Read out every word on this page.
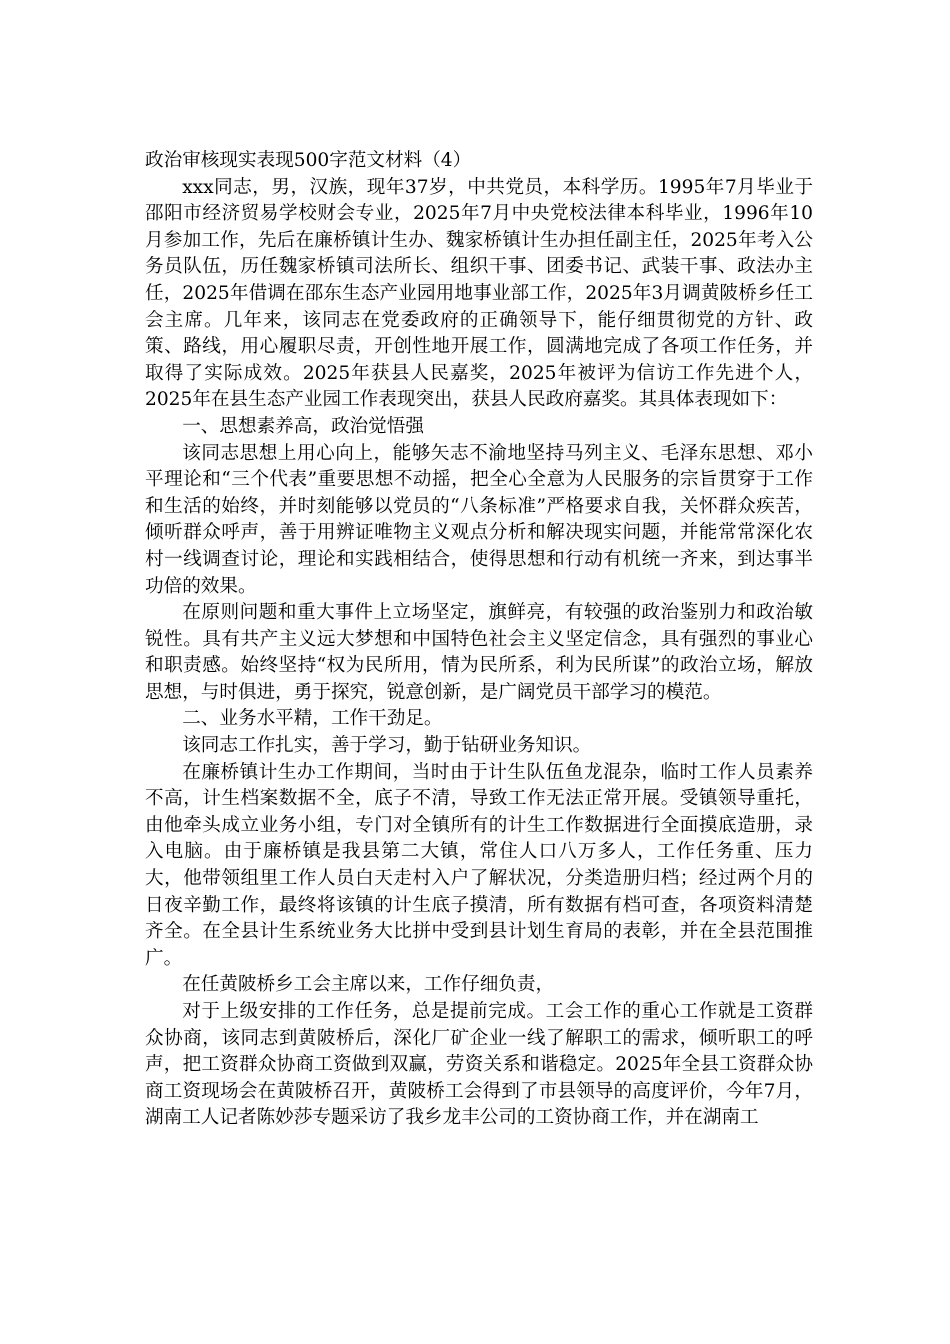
政治审核现实表现500字范文材料（4）

xxx同志，男，汉族，现年37岁，中共党员，本科学历。1995年7月毕业于邵阳市经济贸易学校财会专业，2025年7月中央党校法律本科毕业，1996年10月参加工作，先后在廉桥镇计生办、魏家桥镇计生办担任副主任，2025年考入公务员队伍，历任魏家桥镇司法所长、组织干事、团委书记、武装干事、政法办主任，2025年借调在邵东生态产业园用地事业部工作，2025年3月调黄陂桥乡任工会主席。几年来，该同志在党委政府的正确领导下，能仔细贯彻党的方针、政策、路线，用心履职尽责，开创性地开展工作，圆满地完成了各项工作任务，并取得了实际成效。2025年获县人民嘉奖，2025年被评为信访工作先进个人，2025年在县生态产业园工作表现突出，获县人民政府嘉奖。其具体表现如下：

一、思想素养高，政治觉悟强

该同志思想上用心向上，能够矢志不渝地坚持马列主义、毛泽东思想、邓小平理论和“三个代表”重要思想不动摇，把全心全意为人民服务的宗旨贯穿于工作和生活的始终，并时刻能够以党员的“八条标准”严格要求自我，关怀群众疾苦，倾听群众呼声，善于用辨证唯物主义观点分析和解决现实问题，并能常常深化农村一线调查讨论，理论和实践相结合，使得思想和行动有机统一齐来，到达事半功倍的效果。

在原则问题和重大事件上立场坚定，旗鲜亮，有较强的政治鉴别力和政治敏锐性。具有共产主义远大梦想和中国特色社会主义坚定信念，具有强烈的事业心和职责感。始终坚持“权为民所用，情为民所系，利为民所谋”的政治立场，解放思想，与时俱进，勇于探究，锐意创新，是广阔党员干部学习的模范。

二、业务水平精，工作干劲足。

该同志工作扎实，善于学习，勤于钻研业务知识。

在廉桥镇计生办工作期间，当时由于计生队伍鱼龙混杂，临时工作人员素养不高，计生档案数据不全，底子不清，导致工作无法正常开展。受镇领导重托，由他牵头成立业务小组，专门对全镇所有的计生工作数据进行全面摸底造册，录入电脑。由于廉桥镇是我县第二大镇，常住人口八万多人，工作任务重、压力大，他带领组里工作人员白天走村入户了解状况，分类造册归档；经过两个月的日夜辛勤工作，最终将该镇的计生底子摸清，所有数据有档可查，各项资料清楚齐全。在全县计生系统业务大比拼中受到县计划生育局的表彰，并在全县范围推广。

在任黄陂桥乡工会主席以来，工作仔细负责，

对于上级安排的工作任务，总是提前完成。工会工作的重心工作就是工资群众协商，该同志到黄陂桥后，深化厂矿企业一线了解职工的需求，倾听职工的呼声，把工资群众协商工资做到双赢，劳资关系和谐稳定。2025年全县工资群众协商工资现场会在黄陂桥召开，黄陂桥工会得到了市县领导的高度评价，今年7月，湖南工人记者陈妙莎专题采访了我乡龙丰公司的工资协商工作，并在湖南工
